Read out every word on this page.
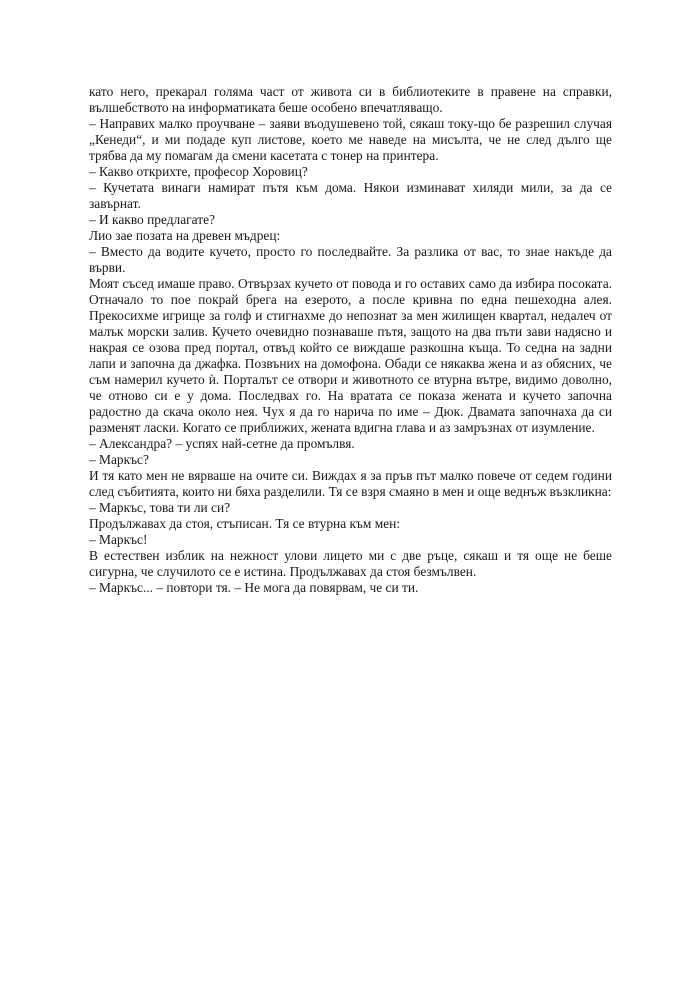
като него, прекарал голяма част от живота си в библиотеките в правене на справки, вълшебството на информатиката беше особено впечатляващо.

– Направих малко проучване – заяви въодушевено той, сякаш току-що бе разрешил случая „Кенеди“, и ми подаде куп листове, което ме наведе на мисълта, че не след дълго ще трябва да му помагам да смени касетата с тонер на принтера.

– Какво открихте, професор Хоровиц?

– Кучетата винаги намират пътя към дома. Някои изминават хиляди мили, за да се завърнат.

– И какво предлагате?

Лио зае позата на древен мъдрец:

– Вместо да водите кучето, просто го последвайте. За разлика от вас, то знае накъде да върви.

Моят съсед имаше право. Отвързах кучето от повода и го оставих само да избира посоката. Отначало то пое покрай брега на езерото, а после кривна по една пешеходна алея. Прекосихме игрище за голф и стигнахме до непознат за мен жилищен квартал, недалеч от малък морски залив. Кучето очевидно познаваше пътя, защото на два пъти зави надясно и накрая се озова пред портал, отвъд който се виждаше разкошна къща. То седна на задни лапи и започна да джафка. Позвъних на домофона. Обади се някаква жена и аз обясних, че съм намерил кучето ѝ. Порталът се отвори и животното се втурна вътре, видимо доволно, че отново си е у дома. Последвах го. На вратата се показа жената и кучето започна радостно да скача около нея. Чух я да го нарича по име – Дюк. Двамата започнаха да си разменят ласки. Когато се приближих, жената вдигна глава и аз замръзнах от изумление.

– Александра? – успях най-сетне да промълвя.

– Маркъс?

И тя като мен не вярваше на очите си. Виждах я за пръв път малко повече от седем години след събитията, които ни бяха разделили. Тя се взря смаяно в мен и още веднъж възкликна:

– Маркъс, това ти ли си?

Продължавах да стоя, стъписан. Тя се втурна към мен:

– Маркъс!

В естествен изблик на нежност улови лицето ми с две ръце, сякаш и тя още не беше сигурна, че случилото се е истина. Продължавах да стоя безмълвен.

– Маркъс... – повтори тя. – Не мога да повярвам, че си ти.
